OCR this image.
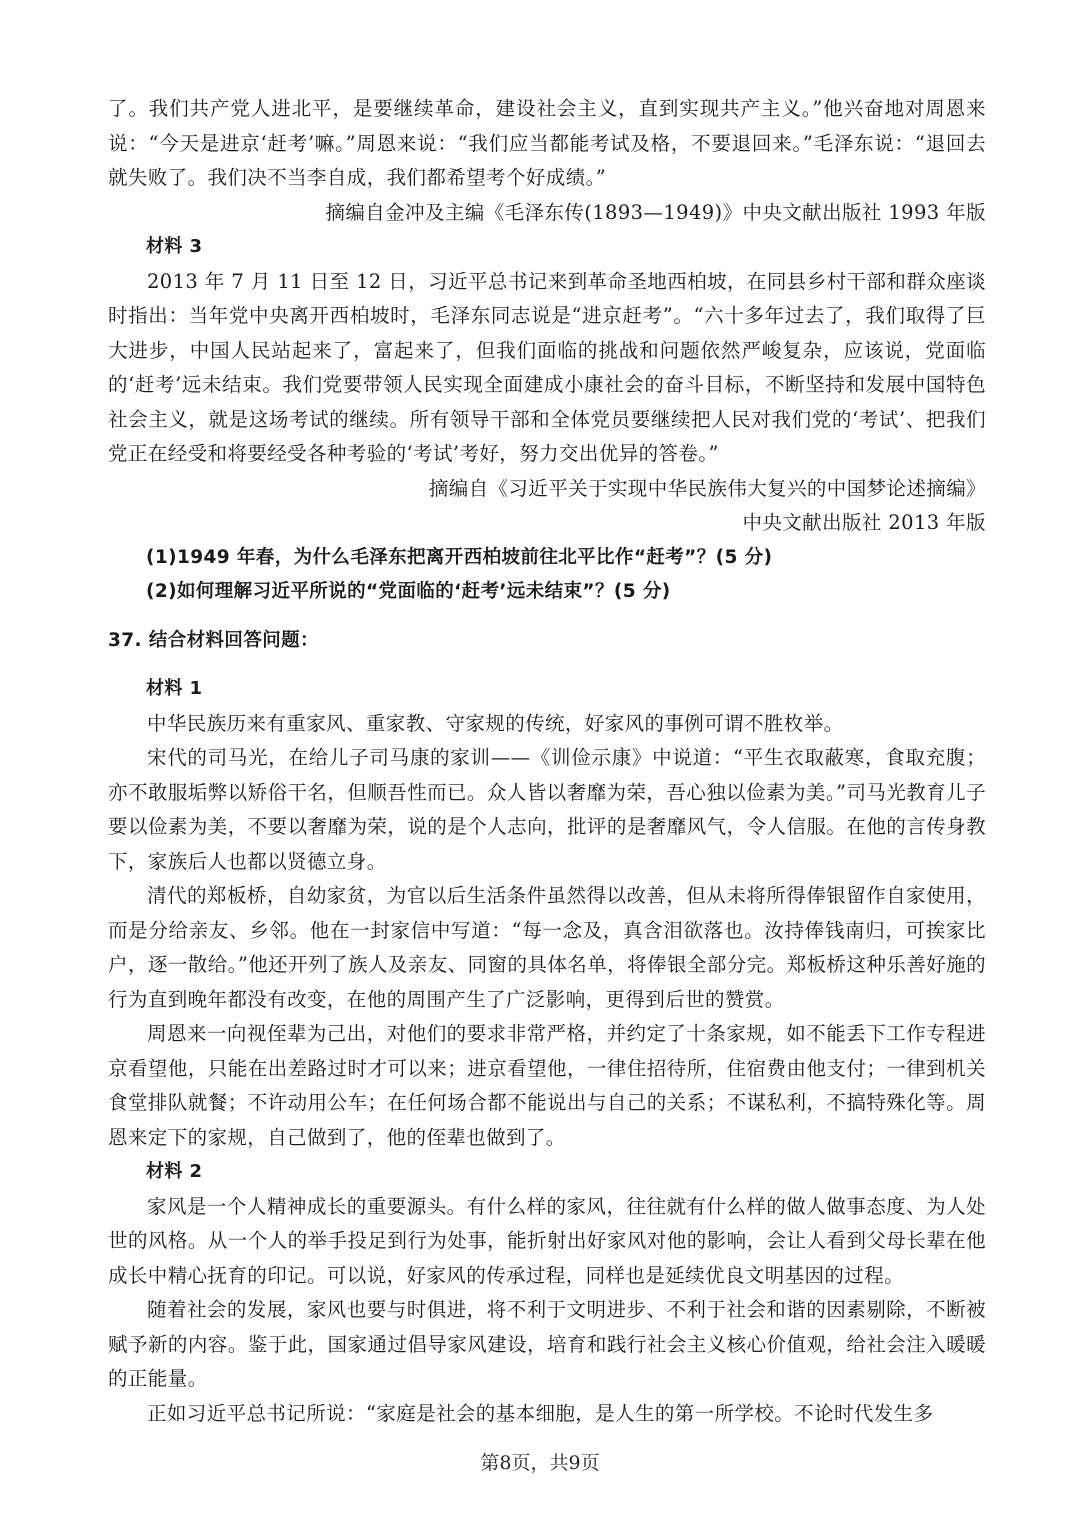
了。我们共产党人进北平，是要继续革命，建设社会主义，直到实现共产主义。”他兴奋地对周恩来说：“今天是进京‘赶考’嘛。”周恩来说：“我们应当都能考试及格，不要退回来。”毛泽东说：“退回去就失败了。我们决不当李自成，我们都希望考个好成绩。”

摘编自金冲及主编《毛泽东传(1893—1949)》中央文献出版社 1993 年版

材料 3

2013 年 7 月 11 日至 12 日，习近平总书记来到革命圣地西柏坡，在同县乡村干部和群众座谈时指出：当年党中央离开西柏坡时，毛泽东同志说是“进京赶考”。“六十多年过去了，我们取得了巨大进步，中国人民站起来了，富起来了，但我们面临的挑战和问题依然严峻复杂，应该说，党面临的‘赶考’远未结束。我们党要带领人民实现全面建成小康社会的奋斗目标，不断坚持和发展中国特色社会主义，就是这场考试的继续。所有领导干部和全体党员要继续把人民对我们党的‘考试’、把我们党正在经受和将要经受各种考验的‘考试’考好，努力交出优异的答卷。”

摘编自《习近平关于实现中华民族伟大复兴的中国梦论述摘编》

中央文献出版社 2013 年版

(1)1949 年春，为什么毛泽东把离开西柏坡前往北平比作“赶考”？(5 分)

(2)如何理解习近平所说的“党面临的‘赶考’远未结束”？(5 分)

37. 结合材料回答问题：

材料 1

中华民族历来有重家风、重家教、守家规的传统，好家风的事例可谓不胜枚举。

宋代的司马光，在给儿子司马康的家训——《训俭示康》中说道：“平生衣取蔽寒，食取充腹；亦不敢服垢弊以矫俗干名，但顺吾性而已。众人皆以奢靡为荣，吾心独以俭素为美。”司马光教育儿子要以俭素为美，不要以奢靡为荣，说的是个人志向，批评的是奢靡风气，令人信服。在他的言传身教下，家族后人也都以贤德立身。

清代的郑板桥，自幼家贫，为官以后生活条件虽然得以改善，但从未将所得俸银留作自家使用，而是分给亲友、乡邻。他在一封家信中写道：“每一念及，真含泪欲落也。汝持俸钱南归，可挨家比户，逐一散给。”他还开列了族人及亲友、同窗的具体名单，将俸银全部分完。郑板桥这种乐善好施的行为直到晚年都没有改变，在他的周围产生了广泛影响，更得到后世的赞赏。

周恩来一向视侄辈为己出，对他们的要求非常严格，并约定了十条家规，如不能丢下工作专程进京看望他，只能在出差路过时才可以来；进京看望他，一律住招待所，住宿费由他支付；一律到机关食堂排队就餐；不许动用公车；在任何场合都不能说出与自己的关系；不谋私利，不搞特殊化等。周恩来定下的家规，自己做到了，他的侄辈也做到了。

材料 2

家风是一个人精神成长的重要源头。有什么样的家风，往往就有什么样的做人做事态度、为人处世的风格。从一个人的举手投足到行为处事，能折射出好家风对他的影响，会让人看到父母长辈在他成长中精心抚育的印记。可以说，好家风的传承过程，同样也是延续优良文明基因的过程。

随着社会的发展，家风也要与时俱进，将不利于文明进步、不利于社会和谐的因素剔除，不断被赋予新的内容。鉴于此，国家通过倡导家风建设，培育和践行社会主义核心价值观，给社会注入暖暖的正能量。

正如习近平总书记所说：“家庭是社会的基本细胞，是人生的第一所学校。不论时代发生多

第8页，共9页
